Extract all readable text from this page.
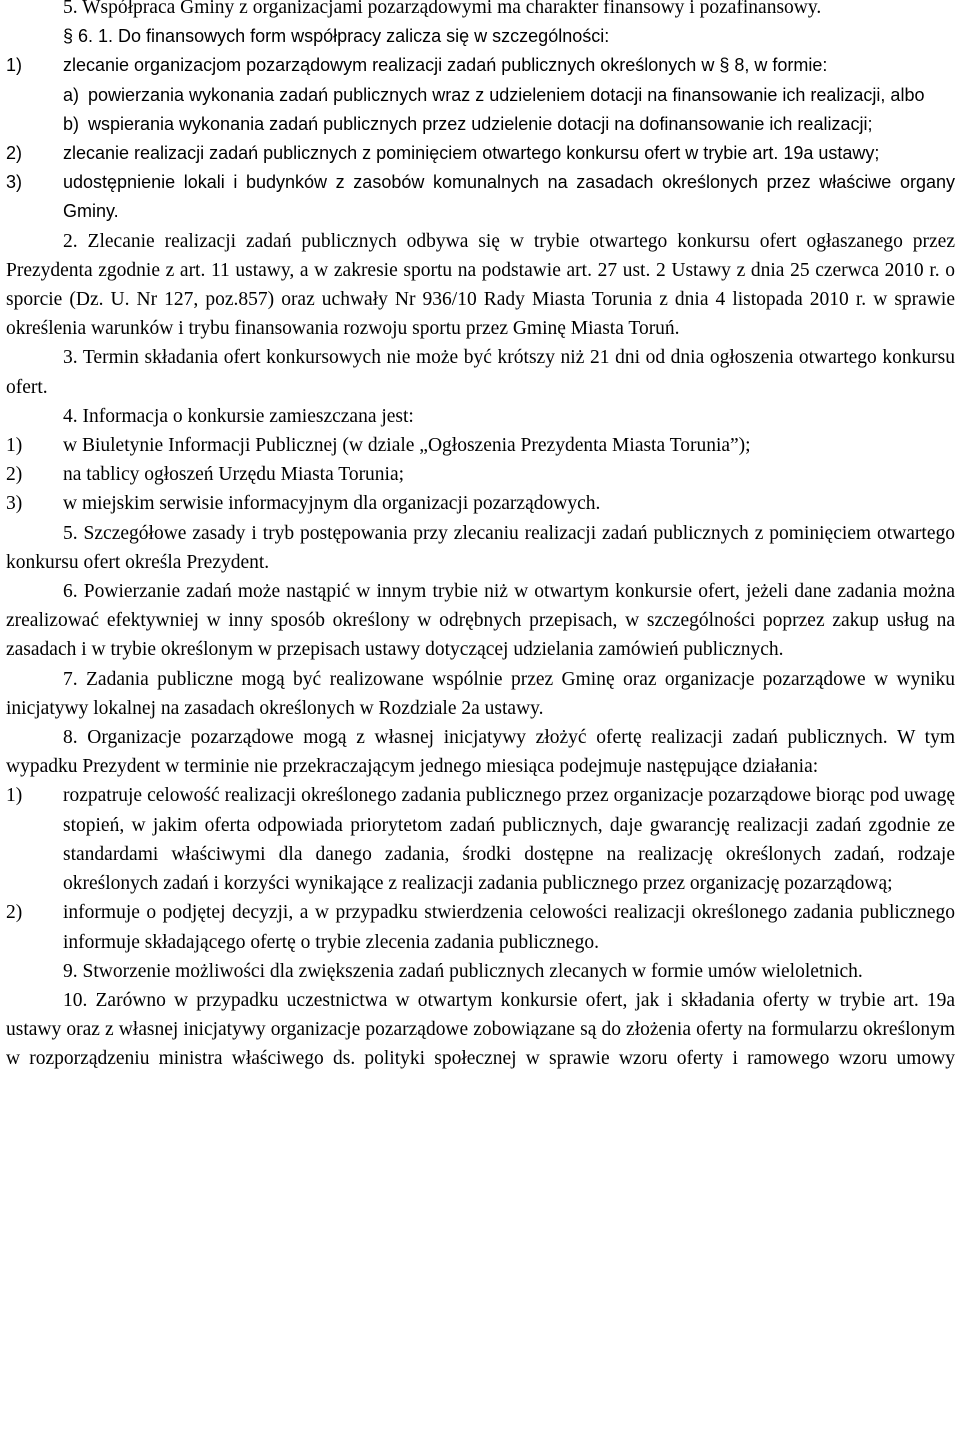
5. Współpraca Gminy z organizacjami pozarządowymi ma charakter finansowy i pozafinansowy.

§ 6. 1. Do finansowych form współpracy zalicza się w szczególności:

1)	zlecanie organizacjom pozarządowym realizacji zadań publicznych określonych w § 8, w formie:
a) powierzania wykonania zadań publicznych wraz z udzieleniem dotacji na finansowanie ich realizacji, albo
b) wspierania wykonania zadań publicznych przez udzielenie dotacji na dofinansowanie ich realizacji;
2)	zlecanie realizacji zadań publicznych z pominięciem otwartego konkursu ofert w trybie art. 19a ustawy;
3)	udostępnienie lokali i budynków z zasobów komunalnych na zasadach określonych przez właściwe organy Gminy.

2. Zlecanie realizacji zadań publicznych odbywa się w trybie otwartego konkursu ofert ogłaszanego przez Prezydenta zgodnie z art. 11 ustawy, a w zakresie sportu na podstawie art. 27 ust. 2 Ustawy z dnia 25 czerwca 2010 r. o sporcie (Dz. U. Nr 127, poz.857) oraz uchwały Nr 936/10 Rady Miasta Torunia z dnia 4 listopada 2010 r. w sprawie określenia warunków i trybu finansowania rozwoju sportu przez Gminę Miasta Toruń.

3. Termin składania ofert konkursowych nie może być krótszy niż 21 dni od dnia ogłoszenia otwartego konkursu ofert.

4. Informacja o konkursie zamieszczana jest:

1)	w Biuletynie Informacji Publicznej (w dziale „Ogłoszenia Prezydenta Miasta Torunia”);
2)	na tablicy ogłoszeń Urzędu Miasta Torunia;
3)	w miejskim serwisie informacyjnym dla organizacji pozarządowych.

5. Szczegółowe zasady i tryb postępowania przy zlecaniu realizacji zadań publicznych z pominięciem otwartego konkursu ofert określa Prezydent.

6. Powierzanie zadań może nastąpić w innym trybie niż w otwartym konkursie ofert, jeżeli dane zadania można zrealizować efektywniej w inny sposób określony w odrębnych przepisach, w szczególności poprzez zakup usług na zasadach i w trybie określonym w przepisach ustawy dotyczącej udzielania zamówień publicznych.

7. Zadania publiczne mogą być realizowane wspólnie przez Gminę oraz organizacje pozarządowe w wyniku inicjatywy lokalnej na zasadach określonych w Rozdziale 2a ustawy.

8. Organizacje pozarządowe mogą z własnej inicjatywy złożyć ofertę realizacji zadań publicznych. W tym wypadku Prezydent w terminie nie przekraczającym jednego miesiąca podejmuje następujące działania:

1)	rozpatruje celowość realizacji określonego zadania publicznego przez organizacje pozarządowe biorąc pod uwagę stopień, w jakim oferta odpowiada priorytetom zadań publicznych, daje gwarancję realizacji zadań zgodnie ze standardami właściwymi dla danego zadania, środki dostępne na realizację określonych zadań, rodzaje określonych zadań i korzyści wynikające z realizacji zadania publicznego przez organizację pozarządową;
2)	informuje o podjętej decyzji, a w przypadku stwierdzenia celowości realizacji określonego zadania publicznego informuje składającego ofertę o trybie zlecenia zadania publicznego.

9. Stworzenie możliwości dla zwiększenia zadań publicznych zlecanych w formie umów wieloletnich.

10. Zarówno w przypadku uczestnictwa w otwartym konkursie ofert, jak i składania oferty w trybie art. 19a ustawy oraz z własnej inicjatywy organizacje pozarządowe zobowiązane są do złożenia oferty na formularzu określonym w rozporządzeniu ministra właściwego ds. polityki społecznej w sprawie wzoru oferty i ramowego wzoru umowy
